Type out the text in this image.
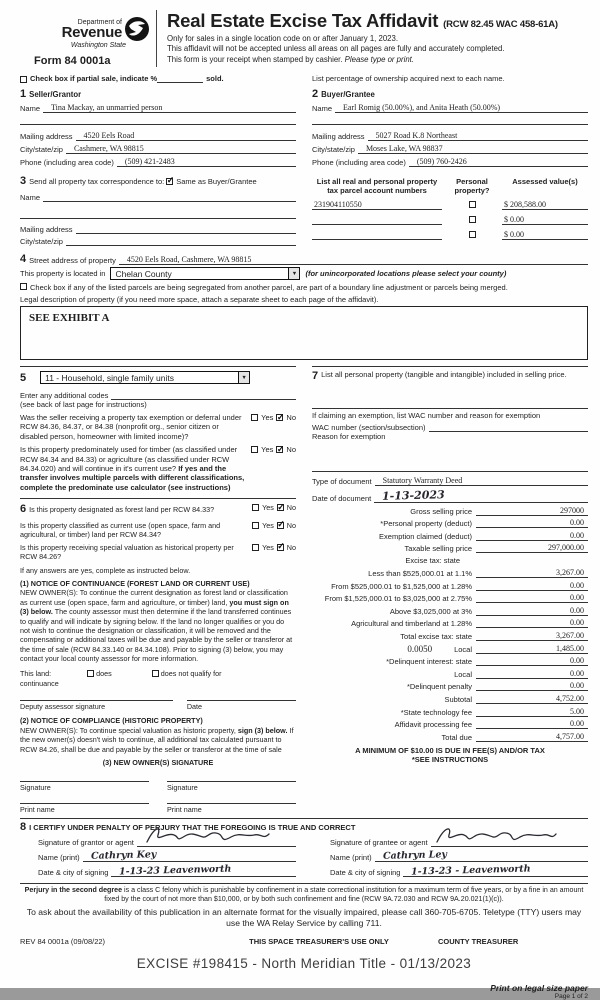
Department of
Revenue
Washington State
Form 84 0001a
Real Estate Excise Tax Affidavit (RCW 82.45 WAC 458-61A)
Only for sales in a single location code on or after January 1, 2023.
This affidavit will not be accepted unless all areas on all pages are fully and accurately completed.
This form is your receipt when stamped by cashier. Please type or print.
Check box if partial sale, indicate %	sold.	List percentage of ownership acquired next to each name.
1 Seller/Grantor
Name	Tina Mackay, an unmarried person
Mailing address	4520 Eels Road
City/state/zip	Cashmere, WA 98815
Phone (including area code)	(509) 421-2483
2 Buyer/Grantee
Name	Earl Romig (50.00%), and Anita Heath (50.00%)
Mailing address	5027 Road K.8 Northeast
City/state/zip	Moses Lake, WA 98837
Phone (including area code)	(509) 760-2426
3 Send all property tax correspondence to: ✓ Same as Buyer/Grantee
Name
Mailing address
City/state/zip
List all real and personal property tax parcel account numbers
Personal property?
Assessed value(s)
231904110550	$ 208,588.00
$ 0.00
$ 0.00
4 Street address of property	4520 Eels Road, Cashmere, WA 98815
This property is located in	Chelan County	▼	(for unincorporated locations please select your county)
Check box if any of the listed parcels are being segregated from another parcel, are part of a boundary line adjustment or parcels being merged.
Legal description of property (if you need more space, attach a separate sheet to each page of the affidavit).
SEE EXHIBIT A
5	11 - Household, single family units	▼
Enter any additional codes
(see back of last page for instructions)
Was the seller receiving a property tax exemption or deferral under RCW 84.36, 84.37, or 84.38 (nonprofit org., senior citizen or disabled person, homeowner with limited income)?
Yes ✓ No
Is this property predominately used for timber (as classified under RCW 84.34 and 84.33) or agriculture (as classified under RCW 84.34.020) and will continue in it's current use? If yes and the transfer involves multiple parcels with different classifications, complete the predominate use calculator (see instructions)
Yes ✓ No
6 Is this property designated as forest land per RCW 84.33?	Yes ✓ No
Is this property classified as current use (open space, farm and agricultural, or timber) land per RCW 84.34?
Yes ✓ No
Is this property receiving special valuation as historical property per RCW 84.26?
Yes ✓ No
If any answers are yes, complete as instructed below.
(1) NOTICE OF CONTINUANCE (FOREST LAND OR CURRENT USE)
NEW OWNER(S): To continue the current designation as forest land or classification as current use (open space, farm and agriculture, or timber) land, you must sign on (3) below. The county assessor must then determine if the land transferred continues to qualify and will indicate by signing below. If the land no longer qualifies or you do not wish to continue the designation or classification, it will be removed and the compensating or additional taxes will be due and payable by the seller or transferor at the time of sale (RCW 84.33.140 or 84.34.108). Prior to signing (3) below, you may contact your local county assessor for more information.
This land:	does	does not qualify for
continuance
Deputy assessor signature	Date
(2) NOTICE OF COMPLIANCE (HISTORIC PROPERTY)
NEW OWNER(S): To continue special valuation as historic property, sign (3) below. If the new owner(s) doesn't wish to continue, all additional tax calculated pursuant to RCW 84.26, shall be due and payable by the seller or transferor at the time of sale
(3) NEW OWNER(S) SIGNATURE
Signature	Signature
Print name	Print name
7 List all personal property (tangible and intangible) included in selling price.
If claiming an exemption, list WAC number and reason for exemption
WAC number (section/subsection)
Reason for exemption
Type of document	Statutory Warranty Deed
Date of document 1-13-2023
Gross selling price	297000
*Personal property (deduct)	0.00
Exemption claimed (deduct)	0.00
Taxable selling price	297,000.00
Excise tax: state
Less than $525,000.01 at 1.1%	3,267.00
From $525,000.01 to $1,525,000 at 1.28%	0.00
From $1,525,000.01 to $3,025,000 at 2.75%	0.00
Above $3,025,000 at 3%	0.00
Agricultural and timberland at 1.28%	0.00
Total excise tax: state	3,267.00
0.0050	Local	1,485.00
*Delinquent interest: state	0.00
Local	0.00
*Delinquent penalty	0.00
Subtotal	4,752.00
*State technology fee	5.00
Affidavit processing fee	0.00
Total due	4,757.00
A MINIMUM OF $10.00 IS DUE IN FEE(S) AND/OR TAX
*SEE INSTRUCTIONS
8 I CERTIFY UNDER PENALTY OF PERJURY THAT THE FOREGOING IS TRUE AND CORRECT
Signature of grantor or agent
Name (print)	Cathryn Key
Date & city of signing	1-13-23 Leavenworth
Signature of grantee or agent
Name (print)	Cathryn Ley
Date & city of signing	1-13-23 - Leavenworth
Perjury in the second degree is a class C felony which is punishable by confinement in a state correctional institution for a maximum term of five years, or by a fine in an amount fixed by the court of not more than $10,000, or by both such confinement and fine (RCW 9A.72.030 and RCW 9A.20.021(1)(c)).
To ask about the availability of this publication in an alternate format for the visually impaired, please call 360-705-6705. Teletype (TTY) users may use the WA Relay Service by calling 711.
REV 84 0001a (09/08/22)	THIS SPACE TREASURER'S USE ONLY	COUNTY TREASURER
EXCISE #198415 - North Meridian Title - 01/13/2023
Print on legal size paper
Page 1 of 2
